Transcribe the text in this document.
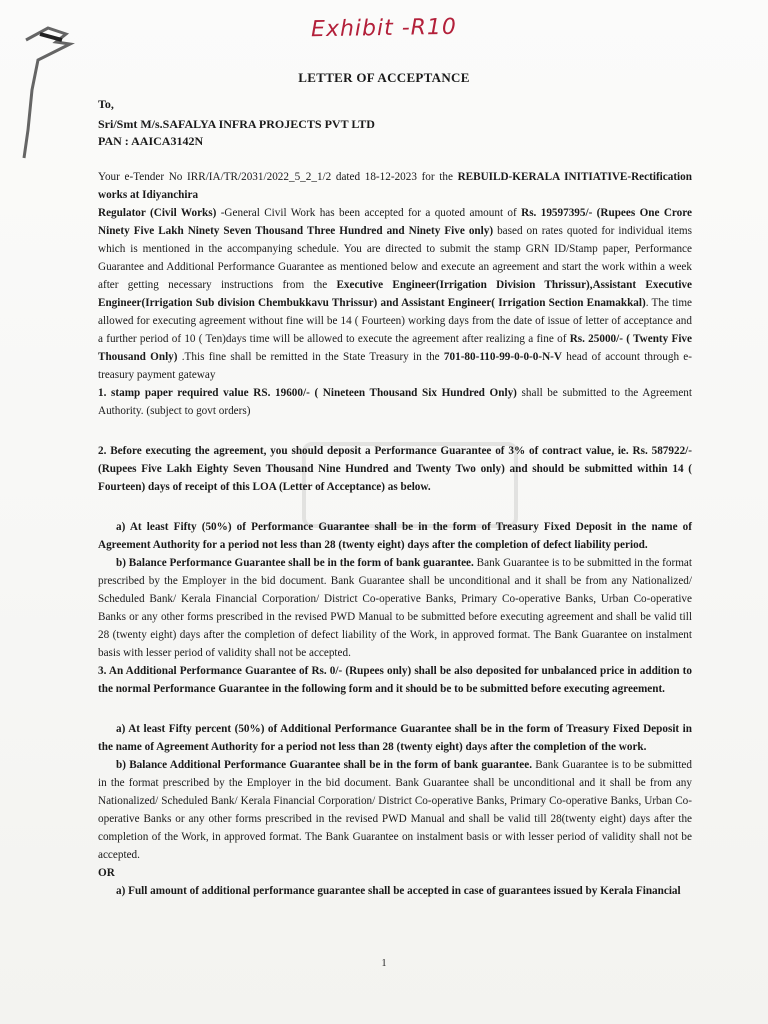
Exhibit -R10
LETTER OF ACCEPTANCE
To,
Sri/Smt M/s.SAFALYA INFRA PROJECTS PVT LTD
PAN : AAICA3142N

Your e-Tender No IRR/IA/TR/2031/2022_5_2_1/2 dated 18-12-2023 for the REBUILD-KERALA INITIATIVE-Rectification works at Idiyanchira
Regulator (Civil Works) -General Civil Work has been accepted for a quoted amount of Rs. 19597395/- (Rupees One Crore Ninety Five Lakh Ninety Seven Thousand Three Hundred and Ninety Five only) based on rates quoted for individual items which is mentioned in the accompanying schedule. You are directed to submit the stamp GRN ID/Stamp paper, Performance Guarantee and Additional Performance Guarantee as mentioned below and execute an agreement and start the work within a week after getting necessary instructions from the Executive Engineer(Irrigation Division Thrissur),Assistant Executive Engineer(Irrigation Sub division Chembukkavu Thrissur) and Assistant Engineer( Irrigation Section Enamakkal). The time allowed for executing agreement without fine will be 14 ( Fourteen) working days from the date of issue of letter of acceptance and a further period of 10 ( Ten)days time will be allowed to execute the agreement after realizing a fine of Rs. 25000/- ( Twenty Five Thousand Only) .This fine shall be remitted in the State Treasury in the 701-80-110-99-0-0-0-N-V head of account through e-treasury payment gateway

1. stamp paper required value RS. 19600/- ( Nineteen Thousand Six Hundred Only) shall be submitted to the Agreement Authority. (subject to govt orders)

2. Before executing the agreement, you should deposit a Performance Guarantee of 3% of contract value, ie. Rs. 587922/- (Rupees Five Lakh Eighty Seven Thousand Nine Hundred and Twenty Two only) and should be submitted within 14 ( Fourteen) days of receipt of this LOA (Letter of Acceptance) as below.

a) At least Fifty (50%) of Performance Guarantee shall be in the form of Treasury Fixed Deposit in the name of Agreement Authority for a period not less than 28 (twenty eight) days after the completion of defect liability period.

b) Balance Performance Guarantee shall be in the form of bank guarantee. Bank Guarantee is to be submitted in the format prescribed by the Employer in the bid document. Bank Guarantee shall be unconditional and it shall be from any Nationalized/ Scheduled Bank/ Kerala Financial Corporation/ District Co-operative Banks, Primary Co-operative Banks, Urban Co-operative Banks or any other forms prescribed in the revised PWD Manual to be submitted before executing agreement and shall be valid till 28 (twenty eight) days after the completion of defect liability of the Work, in approved format. The Bank Guarantee on instalment basis with lesser period of validity shall not be accepted.

3. An Additional Performance Guarantee of Rs. 0/- (Rupees only) shall be also deposited for unbalanced price in addition to the normal Performance Guarantee in the following form and it should be to be submitted before executing agreement.

a) At least Fifty percent (50%) of Additional Performance Guarantee shall be in the form of Treasury Fixed Deposit in the name of Agreement Authority for a period not less than 28 (twenty eight) days after the completion of the work.

b) Balance Additional Performance Guarantee shall be in the form of bank guarantee. Bank Guarantee is to be submitted in the format prescribed by the Employer in the bid document. Bank Guarantee shall be unconditional and it shall be from any Nationalized/ Scheduled Bank/ Kerala Financial Corporation/ District Co-operative Banks, Primary Co-operative Banks, Urban Co-operative Banks or any other forms prescribed in the revised PWD Manual and shall be valid till 28(twenty eight) days after the completion of the Work, in approved format. The Bank Guarantee on instalment basis or with lesser period of validity shall not be accepted.

OR

a) Full amount of additional performance guarantee shall be accepted in case of guarantees issued by Kerala Financial

1
